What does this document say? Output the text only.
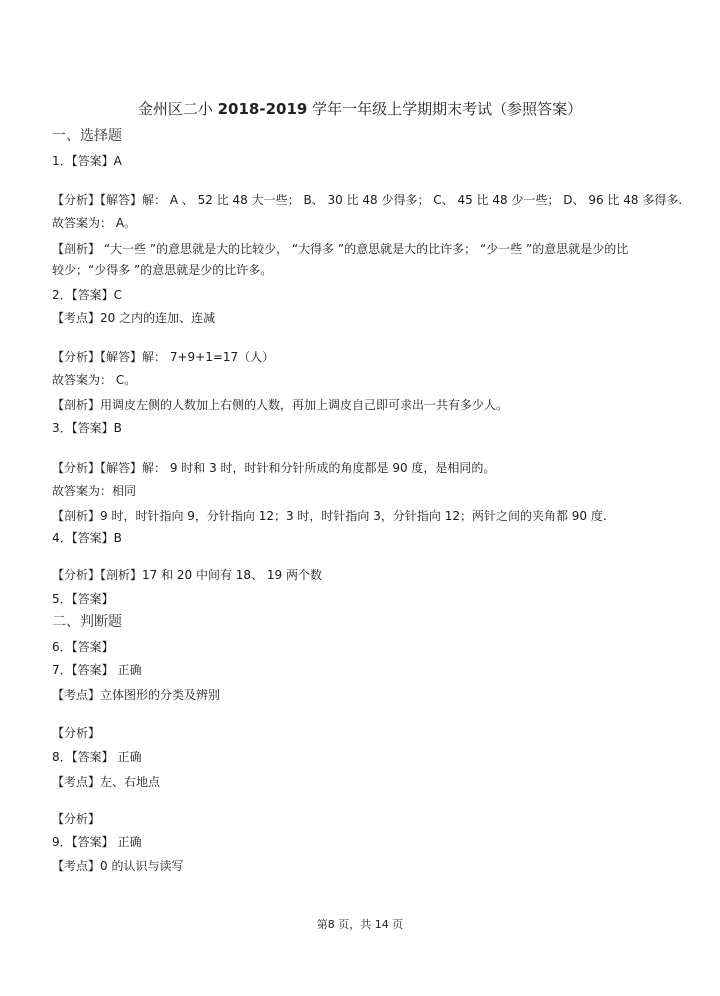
金州区二小 2018-2019 学年一年级上学期期末考试（参照答案）
一、选择题
1．【答案】A
【分析】【解答】解： A 、 52 比 48 大一些； B、 30 比 48 少得多； C、 45 比 48 少一些； D、 96 比 48 多得多.
故答案为： A。
【剖析】 “大一些 ”的意思就是大的比较少， “大得多 ”的意思就是大的比许多； “少一些 ”的意思就是少的比
较少；“少得多 ”的意思就是少的比许多。
2．【答案】C
【考点】20 之内的连加、连减
【分析】【解答】解： 7+9+1=17（人）
故答案为： C。
【剖析】用调皮左侧的人数加上右侧的人数，再加上调皮自己即可求出一共有多少人。
3．【答案】B
【分析】【解答】解： 9 时和 3 时，时针和分针所成的角度都是 90 度，是相同的。
故答案为：相同
【剖析】9 时，时针指向 9，分针指向 12；3 时，时针指向 3，分针指向 12；两针之间的夹角都 90 度.
4．【答案】B
【分析】【剖析】17 和 20 中间有 18、 19 两个数
5．【答案】
二、判断题
6．【答案】
7．【答案】 正确
【考点】立体图形的分类及辨别
【分析】
8．【答案】 正确
【考点】左、右地点
【分析】
9．【答案】 正确
【考点】0 的认识与读写
第8 页，共 14 页
